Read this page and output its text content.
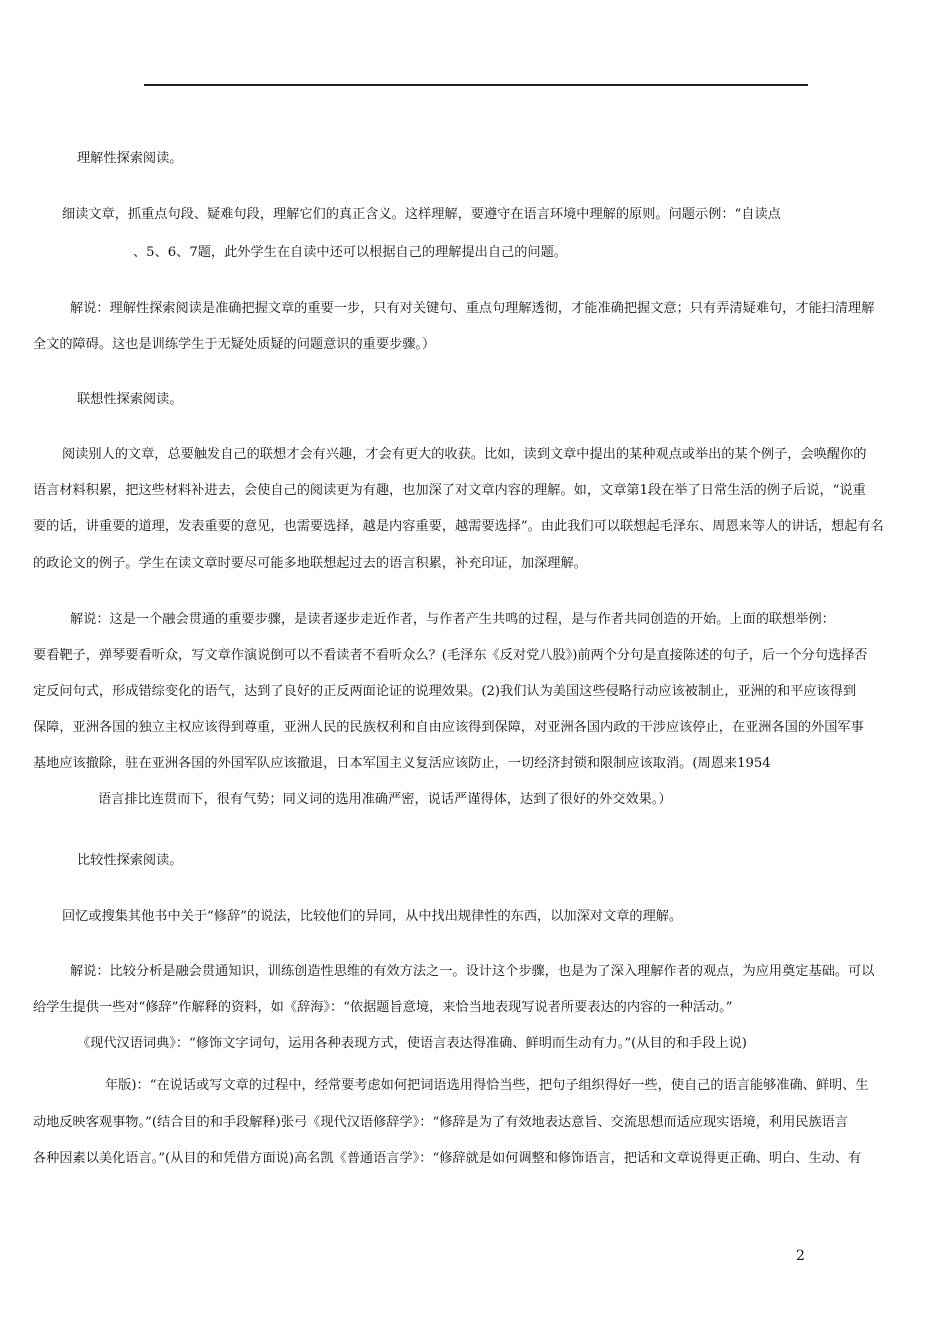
理解性探索阅读。
细读文章，抓重点句段、疑难句段，理解它们的真正含义。这样理解，要遵守在语言环境中理解的原则。问题示例：“自读点
、5、6、7题，此外学生在自读中还可以根据自己的理解提出自己的问题。
解说：理解性探索阅读是准确把握文章的重要一步，只有对关键句、重点句理解透彻，才能准确把握文意；只有弄清疑难句，才能扫清理解
全文的障碍。这也是训练学生于无疑处质疑的问题意识的重要步骤。）
联想性探索阅读。
阅读别人的文章，总要触发自己的联想才会有兴趣，才会有更大的收获。比如，读到文章中提出的某种观点或举出的某个例子，会唤醒你的
语言材料积累，把这些材料补进去，会使自己的阅读更为有趣，也加深了对文章内容的理解。如，文章第1段在举了日常生活的例子后说，“说重
要的话，讲重要的道理，发表重要的意见，也需要选择，越是内容重要，越需要选择”。由此我们可以联想起毛泽东、周恩来等人的讲话，想起有名
的政论文的例子。学生在读文章时要尽可能多地联想起过去的语言积累，补充印证，加深理解。
解说：这是一个融会贯通的重要步骤，是读者逐步走近作者，与作者产生共鸣的过程，是与作者共同创造的开始。上面的联想举例：
要看靶子，弹琴要看听众，写文章作演说倒可以不看读者不看听众么？(毛泽东《反对党八股》)前两个分句是直接陈述的句子，后一个分句选择否
定反问句式，形成错综变化的语气，达到了良好的正反两面论证的说理效果。(2)我们认为美国这些侵略行动应该被制止，亚洲的和平应该得到
保障，亚洲各国的独立主权应该得到尊重，亚洲人民的民族权利和自由应该得到保障，对亚洲各国内政的干涉应该停止，在亚洲各国的外国军事
基地应该撤除，驻在亚洲各国的外国军队应该撤退，日本军国主义复活应该防止，一切经济封锁和限制应该取消。(周恩来1954
语言排比连贯而下，很有气势；同义词的选用准确严密，说话严谨得体，达到了很好的外交效果。）
比较性探索阅读。
回忆或搜集其他书中关于“修辞”的说法，比较他们的异同，从中找出规律性的东西，以加深对文章的理解。
解说：比较分析是融会贯通知识，训练创造性思维的有效方法之一。设计这个步骤，也是为了深入理解作者的观点，为应用奠定基础。可以
给学生提供一些对“修辞”作解释的资料，如《辞海》：“依据题旨意境，来恰当地表现写说者所要表达的内容的一种活动。”
《现代汉语词典》：“修饰文字词句，运用各种表现方式，使语言表达得准确、鲜明而生动有力。”(从目的和手段上说)
年版)：“在说话或写文章的过程中，经常要考虑如何把词语选用得恰当些，把句子组织得好一些，使自己的语言能够准确、鲜明、生
动地反映客观事物。”(结合目的和手段解释)张弓《现代汉语修辞学》：“修辞是为了有效地表达意旨、交流思想而适应现实语境，利用民族语言
各种因素以美化语言。”(从目的和凭借方面说)高名凯《普通语言学》：“修辞就是如何调整和修饰语言，把话和文章说得更正确、明白、生动、有
2
